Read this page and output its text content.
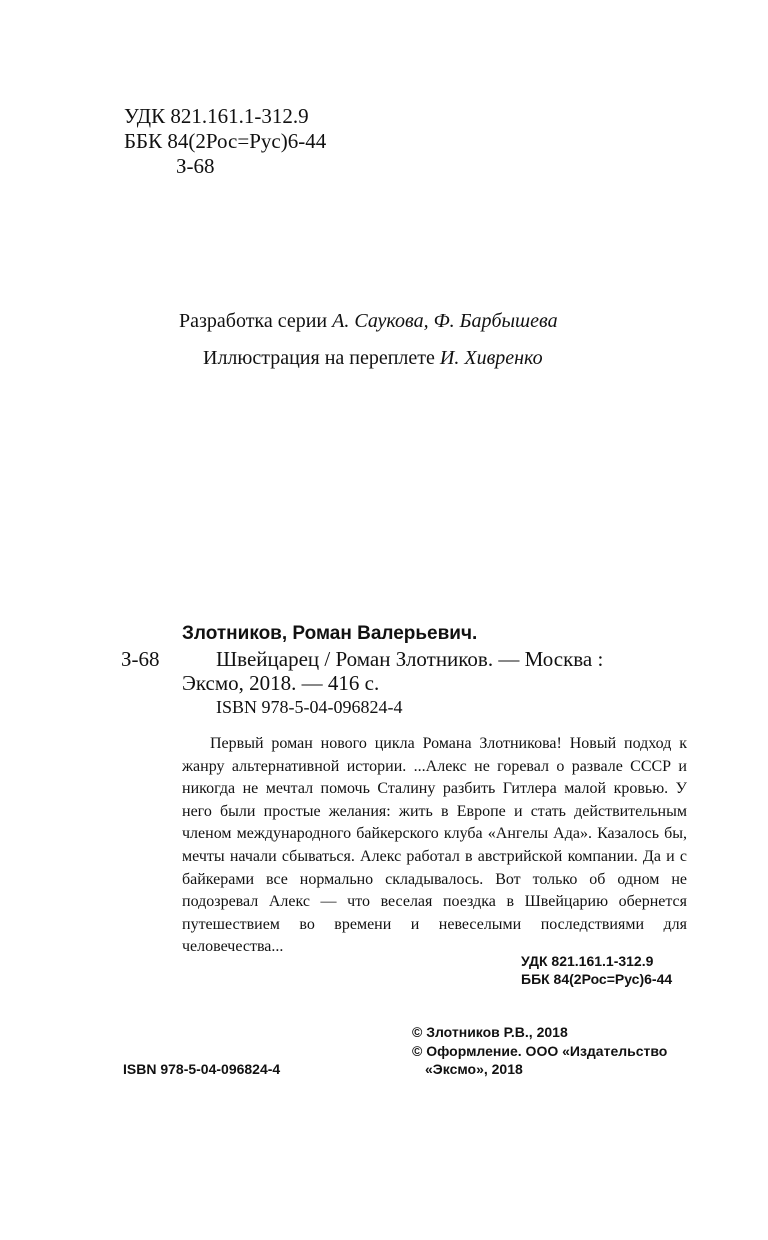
УДК 821.161.1-312.9
ББК 84(2Рос=Рус)6-44
З-68
Разработка серии А. Саукова, Ф. Барбышева
Иллюстрация на переплете И. Хивренко
Злотников, Роман Валерьевич.
З-68	Швейцарец / Роман Злотников. — Москва :
Эксмо, 2018. — 416 с.
ISBN 978-5-04-096824-4

Первый роман нового цикла Романа Злотникова! Новый подход к жанру альтернативной истории. ...Алекс не горевал о развале СССР и никогда не мечтал помочь Сталину разбить Гитлера малой кровью. У него были простые желания: жить в Европе и стать действительным членом международного байкерского клуба «Ангелы Ада». Казалось бы, мечты начали сбываться. Алекс работал в австрийской компании. Да и с байкерами все нормально складывалось. Вот только об одном не подозревал Алекс — что веселая поездка в Швейцарию обернется путешествием во времени и невеселыми последствиями для человечества...

УДК 821.161.1-312.9
ББК 84(2Рос=Рус)6-44
© Злотников Р.В., 2018
© Оформление. ООО «Издательство
ISBN 978-5-04-096824-4	«Эксмо», 2018
